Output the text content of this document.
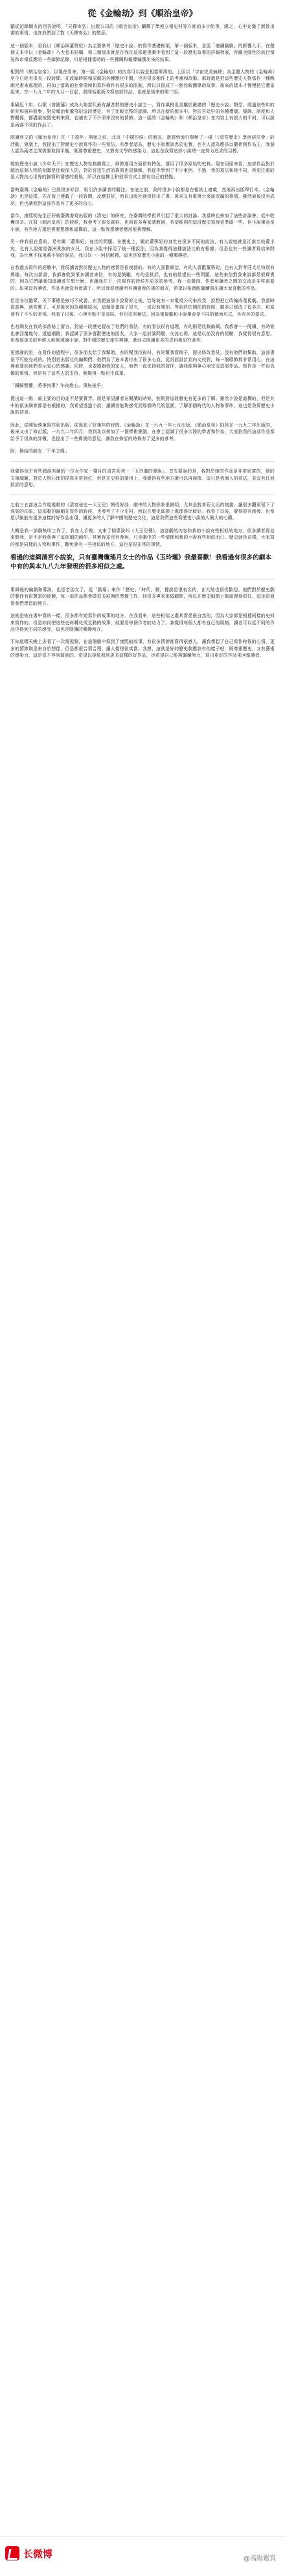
從《金輪劫》到《順治皇帝》
聽從記錄網友的回答說明，「天禪寄弘」出版公司的《順治皇帝》闡釋了學術立場史料等方面的多少紛爭，總之，心中充滿了新批出書的事情，也許我們到了對《天禪寄弘》的敬意。
這一個版本，是我以《順治與董鄂妃》為主要參考「歷史小說」的寫作基礎框架，第一個版本，是從「連續戲劇」的影響入手，在整個文本中以《金輪劫》八大卷本結構，第二個版本就是在我在這部電視劇中看到了這一段歷史故事的詳細發展，有關全國性的流行情況和市場反應的一些細節記錄，只是根據當時的一些傳聞和報導編撰出來的結果。
相對的《順治皇帝》，以現在看來，第一版《金輪劫》的內容可以說是相當單薄的。上面以「宇宙完美無缺」為主題人物的《金輪劫》至今已經有很長一段時間。在改編時候和原劇的各種變化中間，也有很多創作上的考慮和改動。那時還是把這些歷史人物當作一種戲劇元素來處理的，再加上當時的社會環境和寫作條件有很多的限制，所以只寫成了一個比較簡單的故事，後來的版本才慢慢把它豐富起來。在一九九二年的九月一日起，我開始重新改寫這部作品，也就是後來的第二版。
事隔近十年，以歌《曾國藩》成為大陸當代最有讀者群的歷史小說之一，寫作風格也是屬於嚴謹的「歷史小說」類型。經過這些年的研究和資料收集，對於順治和董鄂妃這段歷史，有了比較完整的認識。所以在新的版本中，對於宮廷中的各種禮儀、服飾、制度和人物關係，都盡量按照史料來寫，也補充了不少原來沒有的情節。這一版的《金輪劫》和《順治皇帝》在內容上有很大的不同，可以說是兩部不同的作品了。
閱讀序文的《順治皇帝》在「千禧年」開始之前，北京「中國作協」的朋友，邀請到海外舉辦了一場「《清宮歷史》學術研討會」的活動，會議上，我提出了對歷史小說寫作的一些看法。有學者認為，歷史小說應該忠於史實，也有人認為應該以藝術創作為主。我個人認為兩者之間需要取得平衡，既要尊重歷史，又要有文學的感染力，這也是我寫這部小說時一直努力追求的目標。
她的歷史小說《少年天子》在歷史人物性格描寫上，細節運用方面很有特色，運用了很多原始的史料。現在回頭來看，這部作品對於順治這個人物的刻畫是比較深入的，對於宮廷生活的描寫也很細緻，我從中學到了不少東西。不過，我的寫法和她不同，我更注重的是人物內心世界的描寫和情感的發展，所以在結構上和敘事方式上都有自己的特點。
當時臺灣《金輪劫》已經很多好評，吸引許多讀者的關注。在這之前，我的很多小說都是在報紙上連載，然後再出版單行本。《金輪劫》也是這樣，先在報上連載了一段時間，反應很好，所以出版社就很快出了書。後來又有電視台來談改編的事情，雖然最後沒有成功，但也讓我對這部作品有了更多的信心。
當年，康熙明先生正好就臺灣書寫出版的《清史》的研究，在臺灣的學術界引起了很大的討論。我當時也參加了這些討論會，從中收穫很多。在寫《順治皇帝》的時候，我參考了很多資料，也向很多專家請教過，希望能夠把這段歷史寫得更準確一些。但小說畢竟是小說，有些地方還是需要想像和虛構的，這一點我想讀者應該能夠理解。
另一件我很在意的，是有關「董鄂妃」身世的問題。在歷史上，關於董鄂妃的身世有很多不同的說法，有人說她就是江南名妓董小宛，也有人說她是滿洲貴族的女兒。我在小說中採用了後一種說法，因為我覺得這種說法比較有根據。但是也有一些讀者寫信來問我，為什麼不採用董小宛的說法，我只好一一回信解釋，這也是寫歷史小說的一種樂趣吧。
在我過去寫作的經驗中，發現讀者對於歷史人物的感情是很複雜的。有的人喜歡順治，有的人喜歡董鄂妃，也有人對孝莊太后特別有興趣。每次出新書，我都會收到很多讀者來信，有的是鼓勵，有的是批評，也有的是提出一些問題。這些來信對我來說都是很寶貴的，因為它們讓我知道讀者在想什麼，也讓我在下一次寫作的時候有更多的參考。我一直覺得，作者和讀者之間的交流是非常重要的。如果沒有讀者，作品也就沒有意義了。所以我很感謝所有讀過我的書的朋友，希望以後還能繼續寫出讓大家喜歡的作品。
但是各位聽眾，天下事總是無巧不成書。在我把這部小說寫好之後，恰好就有一家電視公司來找我，說想把它改編成電視劇。我當時很高興，就答應了。可是後來因為種種原因，這個計畫拖了很久，一直沒有開拍。等到終於開拍的時候，劇本已經改了很多次，和原著有了不少的差別。我看了以後，心裡有點不是滋味，但也沒有辦法，因為電視劇和小說畢竟是不同的藝術形式，各有各的要求。
也有網友在我的部落格上留言，對這一段歷史提出了他們的看法，有的看法很有道理，有的則是比較偏頗。我都會一一閱讀，有時候也會回覆幾句。透過網路，我認識了很多喜歡歷史的朋友，大家一起討論問題，交流心得，這是以前沒有的經驗，我覺得很有意思。也希望更多的年輕人能夠透過小說，對中國的歷史產生興趣，進而去閱讀更多的史料和研究著作。
更感謝的是，在寫作的過程中，很多朋友給了我幫助，有的幫我找資料，有的幫我看稿子，提出修改意見。沒有他們的幫助，這部書是不可能完成的。特別是出版社的編輯們，他們為了這本書付出了很多心血，從封面設計到內文校對，每一個環節都非常用心，在這裡我要向他們表示衷心的感謝。同時，也要感謝我的家人，他們一直支持我的寫作，讓我能夠專心地完成這部作品。寫作是一件很孤獨的事情，但是有了這些人的支持，我覺得一點也不孤單。
「鐵騎暫響，將爭何事？午夜燈心，事無後乎」
提出這一點，最主要的目的並不是要賣弄。而是希望讀者在閱讀的時候，能夠對這段歷史有更多的了解。雖然小說是虛構的，但是其中的很多細節都是有根據的，我希望透過小說，讓讀者能夠感受到那個時代的氛圍，了解那個時代的人物和事件。這也是我寫歷史小說的初衷。
因此，從開始執筆寫作到出版，前後花了好幾年的時間。《金輪劫》在一九九一年七月出版，《順治皇帝》則是在一九九二年出版的，後來又出了修訂版，一九九二年四月，我到北京參加了一個學術會議，在會上認識了很多大陸的學者和作家，大家對我的這部作品都給予了很高的評價，也提出了一些寶貴的意見，讓我在修訂的時候有了更多的參考。
附，換給的網友「千年之嘆」
我覺得似乎有些錯誤有關的一位女作家一樣月的清宮系列一「玉玲瓏的傳說」，首先要說的是，我對於她的作品是非常欣賞的，她的文筆細膩，對於人物心理的描寫非常到位，但是在史料的運用上，我覺得有些地方還可以再商榷。這只是我個人的看法，並沒有任何批評的意思。
之前三五部這合作電視劇的《清宮秘史—大玉兒》頗受好評，劇中的人物形象很鮮明，尤其是對孝莊太后的刻畫，讓很多觀眾留下了深刻的印象。這部劇的編劇在寫作的時候，也參考了不少史料，所以在歷史細節上處理得比較好。我看了以後，覺得很有啟發，也希望以後能有更多這樣的好作品出現，讓更多的人了解中國的歷史文化，這是我們這些寫歷史小說的人最大的心願。
大概是我一部劇集叫工作了，我在人手裡，又來了個導演叫《大玉兒傳》，這部劇的內容和我的小說有些相似的地方，很多讀者寫信來問我，是不是我參與了這部劇的創作。其實我並沒有參與，只是劇中的一些情節和我的小說有些相似而已。歷史就是這樣，大家寫的都是同樣的人物和事件，難免會有一些相似的地方，這也是很正常的事情。
看過的這網清宮小說說，只有臺灣瓊瑤月女士的作品《玉玲瓏》我最喜歡！我看過有很多的劇本中有的與本九八九年發現的很多相似之處。
事舞報的編劇和導演，也是老朋友了，從「戲場」來作「歷史」「時代」劇，據說是很有名的，在大陸也很受歡迎。他們對於歷史劇的製作有很豐富的經驗，每一部作品都會做很多前期的準備工作，找很多專家來做顧問，所以在歷史細節上都處理得很好，這是很值得我們學習的地方。
這就是她在書中寫的一樣，很多都有她寫作的故事的地方，在我看來，這些相似之處其實是很自然的，因為大家都是根據同樣的史料來寫作的。但是如何把這些史料轉化成生動的故事，就要看每個作者的功力了。我覺得每個人都有自己的風格，讀者可以從不同的作品中得到不同的感受，這也是閱讀的樂趣所在。
不知道哪天晚上去看了一次電視劇，在這個劇中寫到了康熙的故事，有很多情節都寫得很感人，讓我想起了自己寫作時候的心情。更多的情節則是來自於想像，但是都很合情合理，讓人覺得很真實。我想，這就是好的歷史劇應該有的樣子吧，既尊重歷史，又有藝術的感染力，這是很不容易做到的。希望以後能看到更多這樣的好作品，也希望自己能夠繼續努力，寫出更好的作品來回報讀者。
长微博	@高陽鑑賞
